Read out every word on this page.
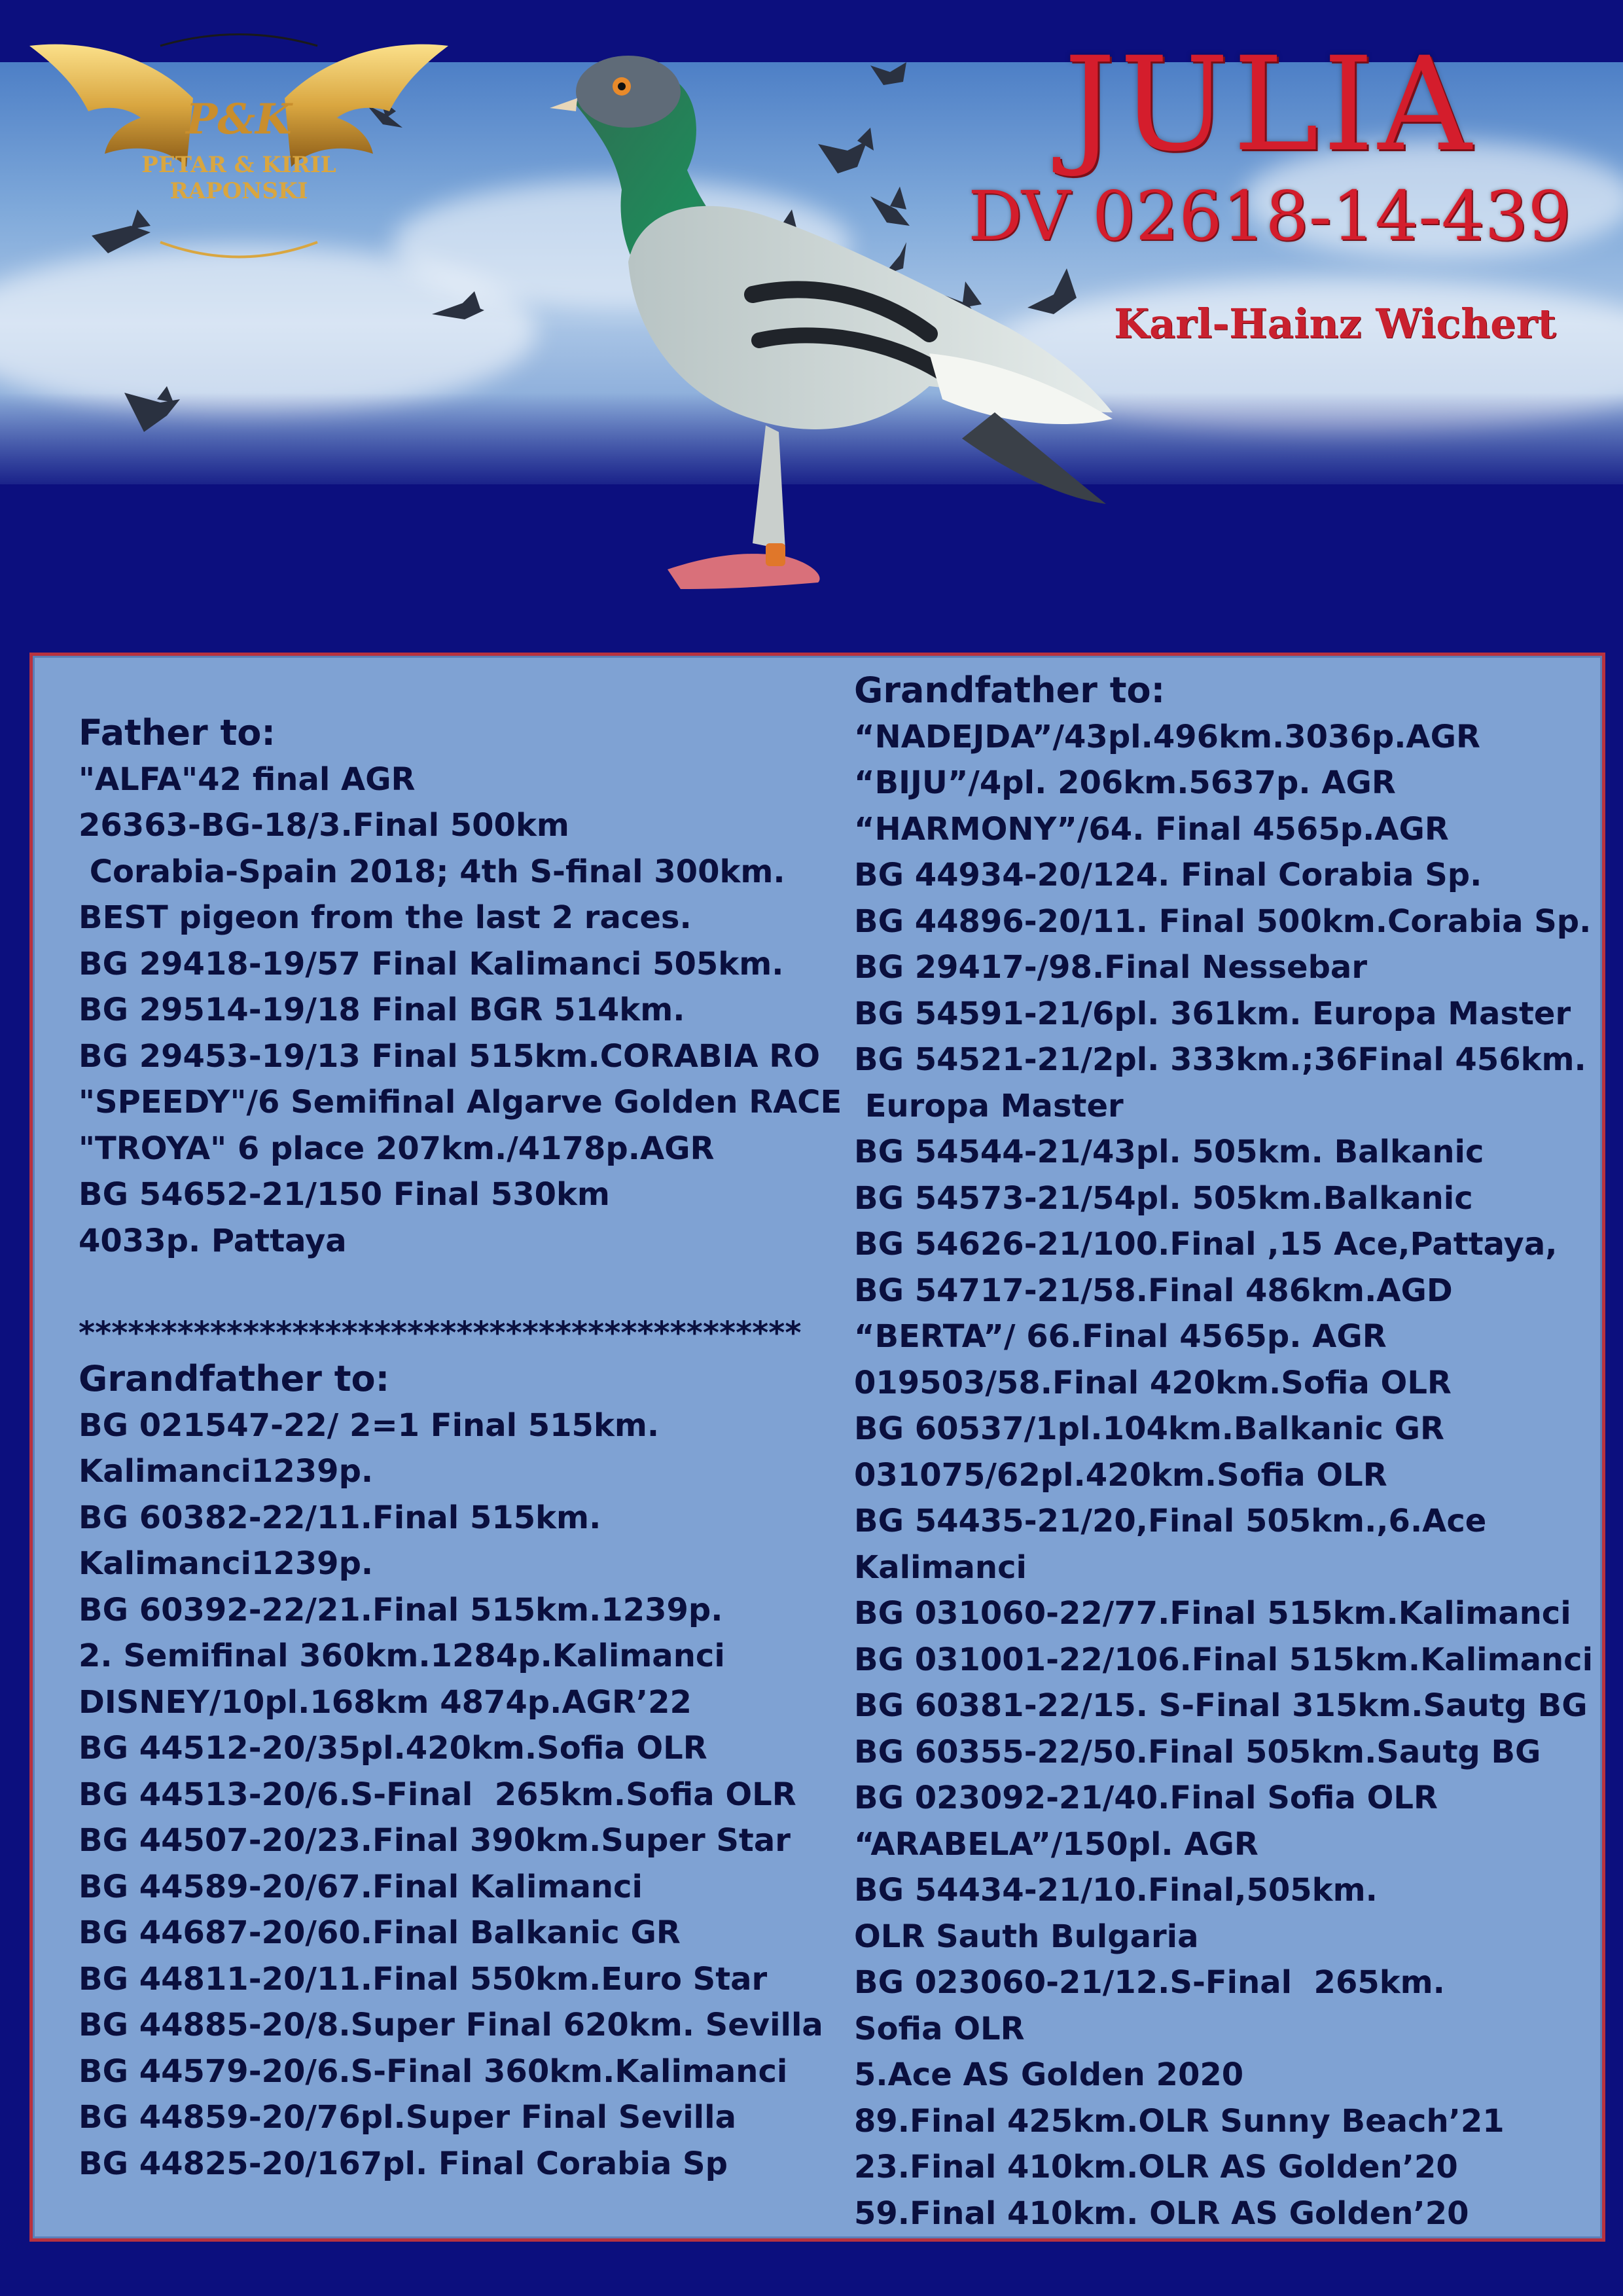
P&K
PETAR & KIRIL
RAPONSKI
JULIA
DV 02618-14-439
Karl-Hainz Wichert
Father to:
"ALFA"42 final AGR
26363-BG-18/3.Final 500km
Corabia-Spain 2018; 4th S-final 300km.
BEST pigeon from the last 2 races.
BG 29418-19/57 Final Kalimanci 505km.
BG 29514-19/18 Final BGR 514km.
BG 29453-19/13 Final 515km.CORABIA RO
"SPEEDY"/6 Semifinal Algarve Golden RACE
"TROYA" 6 place 207km./4178p.AGR
BG 54652-21/150 Final 530km
4033p. Pattaya
********************************************
Grandfather to:
BG 021547-22/ 2=1 Final 515km.
Kalimanci1239p.
BG 60382-22/11.Final 515km.
Kalimanci1239p.
BG 60392-22/21.Final 515km.1239p.
2. Semifinal 360km.1284p.Kalimanci
DISNEY/10pl.168km 4874p.AGR’22
BG 44512-20/35pl.420km.Sofia OLR
BG 44513-20/6.S-Final  265km.Sofia OLR
BG 44507-20/23.Final 390km.Super Star
BG 44589-20/67.Final Kalimanci
BG 44687-20/60.Final Balkanic GR
BG 44811-20/11.Final 550km.Euro Star
BG 44885-20/8.Super Final 620km. Sevilla
BG 44579-20/6.S-Final 360km.Kalimanci
BG 44859-20/76pl.Super Final Sevilla
BG 44825-20/167pl. Final Corabia Sp
Grandfather to:
“NADEJDA”/43pl.496km.3036p.AGR
“BIJU”/4pl. 206km.5637p. AGR
“HARMONY”/64. Final 4565p.AGR
BG 44934-20/124. Final Corabia Sp.
BG 44896-20/11. Final 500km.Corabia Sp.
BG 29417-/98.Final Nessebar
BG 54591-21/6pl. 361km. Europa Master
BG 54521-21/2pl. 333km.;36Final 456km.
Europa Master
BG 54544-21/43pl. 505km. Balkanic
BG 54573-21/54pl. 505km.Balkanic
BG 54626-21/100.Final ,15 Ace,Pattaya,
BG 54717-21/58.Final 486km.AGD
“BERTA”/ 66.Final 4565p. AGR
019503/58.Final 420km.Sofia OLR
BG 60537/1pl.104km.Balkanic GR
031075/62pl.420km.Sofia OLR
BG 54435-21/20,Final 505km.,6.Ace
Kalimanci
BG 031060-22/77.Final 515km.Kalimanci
BG 031001-22/106.Final 515km.Kalimanci
BG 60381-22/15. S-Final 315km.Sautg BG
BG 60355-22/50.Final 505km.Sautg BG
BG 023092-21/40.Final Sofia OLR
“ARABELA”/150pl. AGR
BG 54434-21/10.Final,505km.
OLR Sauth Bulgaria
BG 023060-21/12.S-Final  265km.
Sofia OLR
5.Ace AS Golden 2020
89.Final 425km.OLR Sunny Beach’21
23.Final 410km.OLR AS Golden’20
59.Final 410km. OLR AS Golden’20
